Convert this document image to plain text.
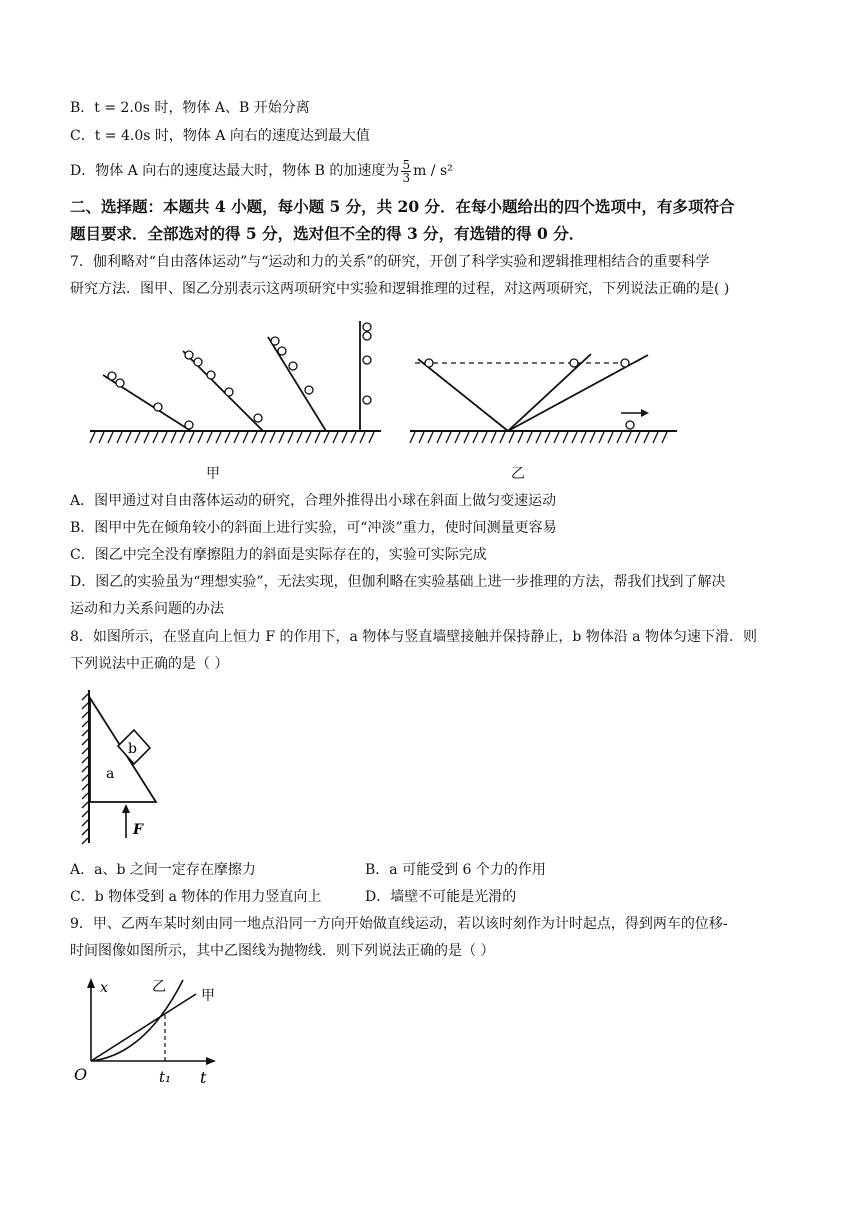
B．t = 2.0s 时，物体 A、B 开始分离
C．t = 4.0s 时，物体 A 向右的速度达到最大值
D．物体 A 向右的速度达最大时，物体 B 的加速度为 $\frac{5}{3}$ m / s²
二、选择题：本题共 4 小题，每小题 5 分，共 20 分．在每小题给出的四个选项中，有多项符合
题目要求．全部选对的得 5 分，选对但不全的得 3 分，有选错的得 0 分．
7．伽利略对“自由落体运动”与“运动和力的关系”的研究，开创了科学实验和逻辑推理相结合的重要科学
研究方法．图甲、图乙分别表示这两项研究中实验和逻辑推理的过程，对这两项研究，下列说法正确的是( )
甲	乙
A．图甲通过对自由落体运动的研究，合理外推得出小球在斜面上做匀变速运动
B．图甲中先在倾角较小的斜面上进行实验，可“冲淡”重力，使时间测量更容易
C．图乙中完全没有摩擦阻力的斜面是实际存在的，实验可实际完成
D．图乙的实验虽为“理想实验”，无法实现，但伽利略在实验基础上进一步推理的方法，帮我们找到了解决
运动和力关系问题的办法
8．如图所示，在竖直向上恒力 F 的作用下，a 物体与竖直墙壁接触并保持静止，b 物体沿 a 物体匀速下滑．则
下列说法中正确的是（ ）
b
a
F
A．a、b 之间一定存在摩擦力	B．a 可能受到 6 个力的作用
C．b 物体受到 a 物体的作用力竖直向上	D．墙壁不可能是光滑的
9．甲、乙两车某时刻由同一地点沿同一方向开始做直线运动，若以该时刻作为计时起点，得到两车的位移-
时间图像如图所示，其中乙图线为抛物线．则下列说法正确的是（ ）
x
t
O	t₁
乙
甲
